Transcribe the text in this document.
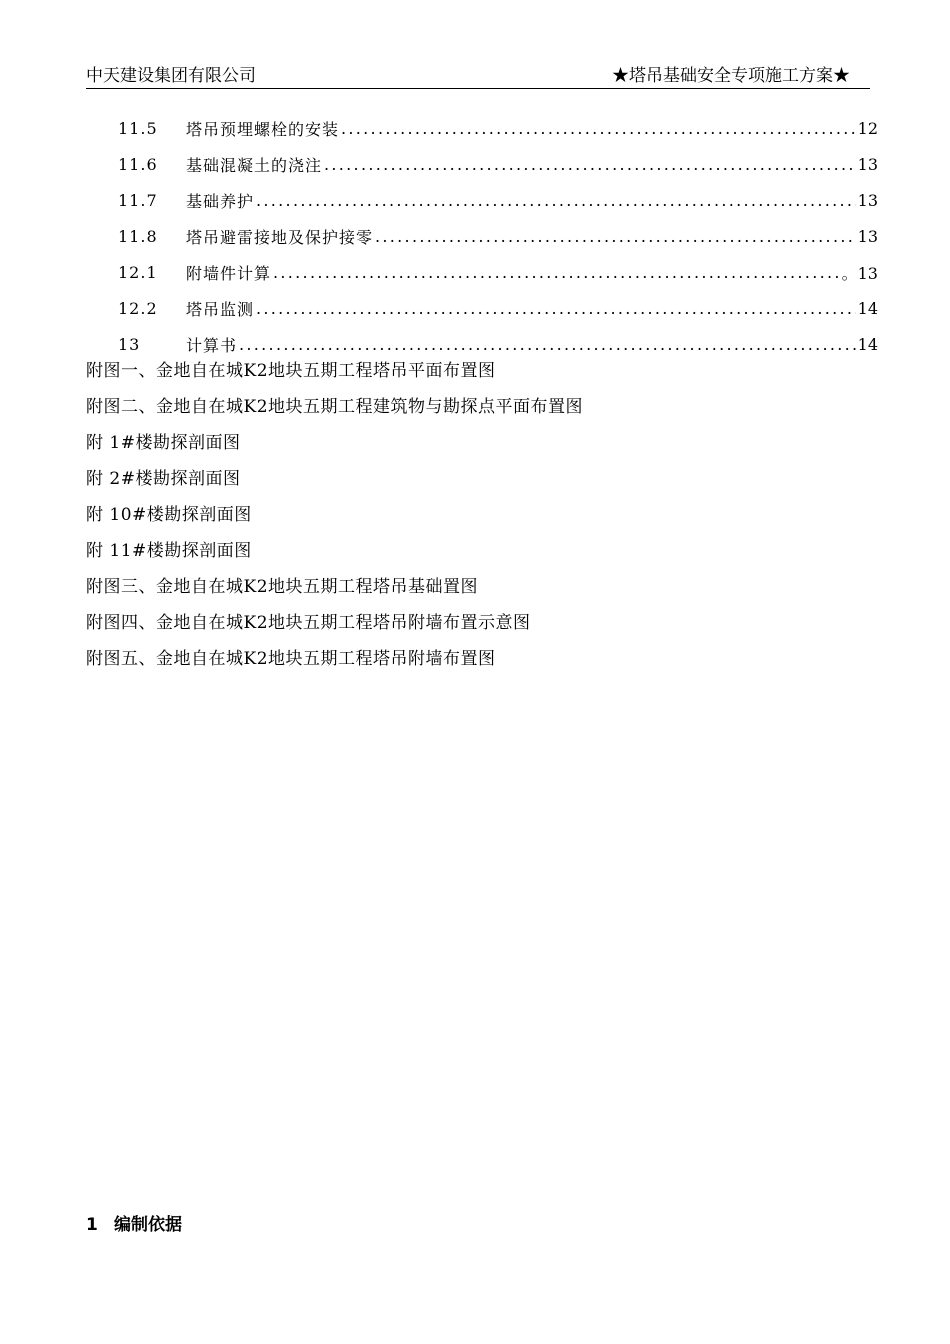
中天建设集团有限公司	★塔吊基础安全专项施工方案★
11.5	塔吊预埋螺栓的安装 .....	12
11.6	基础混凝土的浇注 .....	13
11.7	基础养护 .....	13
11.8	塔吊避雷接地及保护接零 .....	13
12.1	附墙件计算 .....	。13
12.2	塔吊监测 .....	14
13	计算书 .....	14
附图一、金地自在城K2地块五期工程塔吊平面布置图
附图二、金地自在城K2地块五期工程建筑物与勘探点平面布置图
附 1#楼勘探剖面图
附 2#楼勘探剖面图
附 10#楼勘探剖面图
附 11#楼勘探剖面图
附图三、金地自在城K2地块五期工程塔吊基础置图
附图四、金地自在城K2地块五期工程塔吊附墙布置示意图
附图五、金地自在城K2地块五期工程塔吊附墙布置图
1 编制依据
